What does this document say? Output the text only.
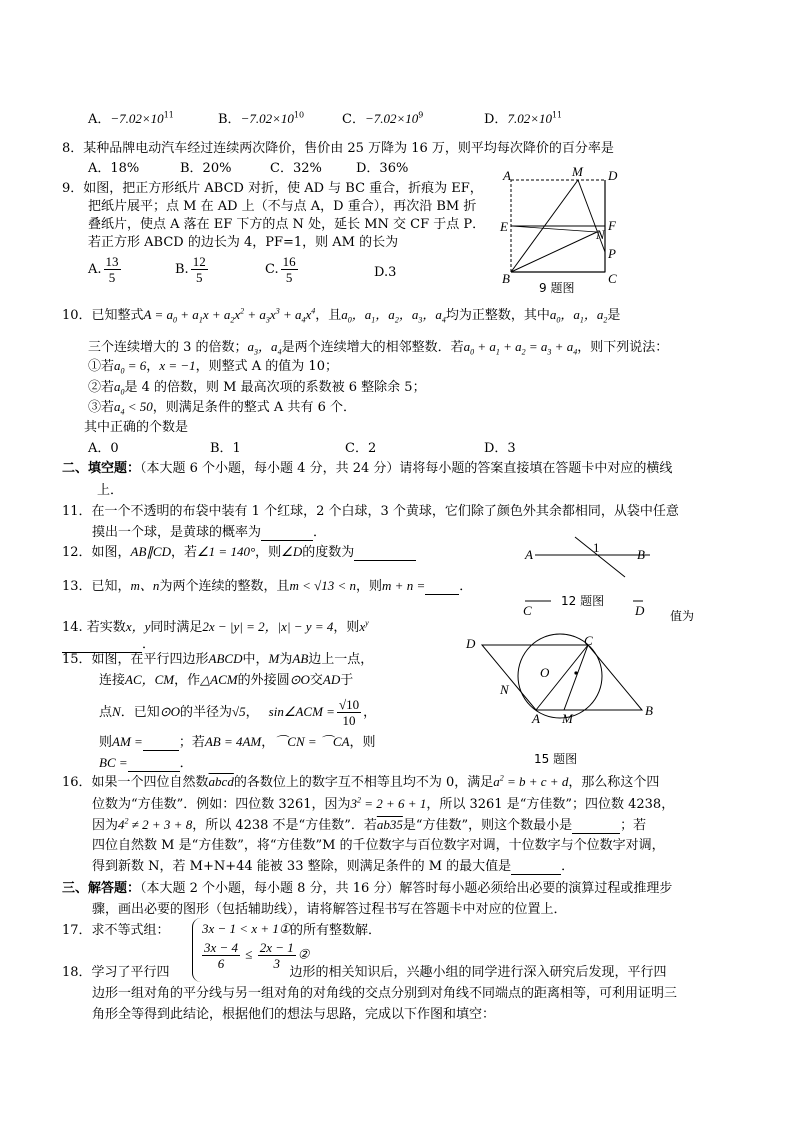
A．$-7.02\times 10^{11}$	B．$-7.02\times 10^{10}$	C．$-7.02\times 10^9$	D．$7.02\times 10^{11}$
8．某种品牌电动汽车经过连续两次降价，售价由 25 万降为 16 万，则平均每次降价的百分率是
A．18%	B．20%	C．32%	D．36%
9．如图，把正方形纸片 ABCD 对折，使 AD 与 BC 重合，折痕为 EF，
把纸片展平；点 M 在 AD 上（不与点 A，D 重合），再次沿 BM 折
叠纸片，使点 A 落在 EF 下方的点 N 处，延长 MN 交 CF 于点 P．
若正方形 ABCD 的边长为 4，PF=1，则 AM 的长为
A. $\frac{13}{5}$	B. $\frac{12}{5}$	C. $\frac{16}{5}$	D.3
A	M D
E	F
N
P
B	C
9 题图
10．已知整式$A = a_0 + a_1x + a_2x^2 + a_3x^3 + a_4x^4$，且$a_0$，$a_1$，$a_2$，$a_3$，$a_4$均为正整数，其中$a_0$，$a_1$，$a_2$是
三个连续增大的 3 的倍数；$a_3$，$a_4$是两个连续增大的相邻整数．若$a_0 + a_1 + a_2 = a_3 + a_4$，则下列说法：
①若$a_0 = 6$，x = −1，则整式 A 的值为 10；
②若$a_0$是 4 的倍数，则 M 最高次项的系数被 6 整除余 5；
③若$a_4 < 50$，则满足条件的整式 A 共有 6 个．
其中正确的个数是
A．0	B．1	C．2	D．3
二、填空题：（本大题 6 个小题，每小题 4 分，共 24 分）请将每小题的答案直接填在答题卡中对应的横线
上．
11．在一个不透明的布袋中装有 1 个红球，2 个白球，3 个黄球，它们除了颜色外其余都相同，从袋中任意
摸出一个球，是黄球的概率为	．
12．如图，AB∥CD，若∠1 = 140°，则∠D的度数为	A	1	B
C
12 题图
D 值为
13．已知，m、n为两个连续的整数，且m < √13 < n，则m + n =	．
14. 若实数x，y同时满足2x − |y| = 2，|x| − y = 4，则$x^y$
．
15．如图，在平行四边形ABCD中，M为AB边上一点，
连接AC，CM，作△ACM的外接圆⊙O交AD于
点N．已知⊙O的半径为√5， sin∠ACM = $\frac{√10}{10}$ ，
则AM =	；若AB = 4AM，⌒CN = ⌒CA，则
BC =	．
D	C
O
N
A M
B
15 题图
16．如果一个四位自然数abcd的各数位上的数字互不相等且均不为 0，满足$a^2 = b + c + d$，那么称这个四
位数为“方佳数”．例如：四位数 3261，因为$3^2 = 2 + 6 + 1$，所以 3261 是“方佳数”；四位数 4238，
因为$4^2 \ne 2 + 3 + 8$，所以 4238 不是“方佳数”．若ab35是“方佳数”，则这个数最小是	；若
四位自然数 M 是“方佳数”，将“方佳数”M 的千位数字与百位数字对调，十位数字与个位数字对调，
得到新数 N，若 M+N+44 能被 33 整除，则满足条件的 M 的最大值是	．
三、解答题：（本大题 2 个小题，每小题 8 分，共 16 分）解答时每小题必须给出必要的演算过程或推理步
骤，画出必要的图形（包括辅助线），请将解答过程书写在答题卡中对应的位置上．
17．求不等式组： 3x − 1 < x + 1① 的所有整数解．
$\frac{3x - 4}{6} \le \frac{2x - 1}{3}$ ②
18．学习了平行四	边形的相关知识后，兴趣小组的同学进行深入研究后发现，平行四
边形一组对角的平分线与另一组对角的对角线的交点分别到对角线不同端点的距离相等，可利用证明三
角形全等得到此结论，根据他们的想法与思路，完成以下作图和填空：
